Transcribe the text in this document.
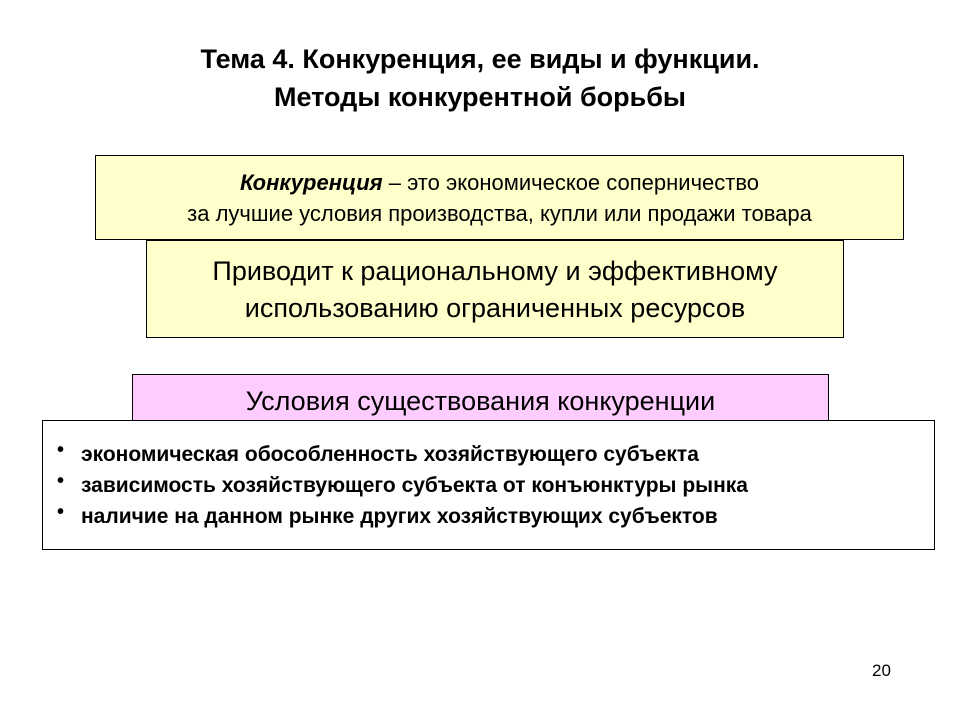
Тема 4. Конкуренция, ее виды и функции.
Методы конкурентной борьбы
Конкуренция – это экономическое соперничество
за лучшие условия производства, купли или продажи товара
Приводит к рациональному и эффективному
использованию ограниченных ресурсов
Условия существования конкуренции
• экономическая обособленность хозяйствующего субъекта
• зависимость хозяйствующего субъекта от конъюнктуры рынка
• наличие на данном рынке других хозяйствующих субъектов
20
